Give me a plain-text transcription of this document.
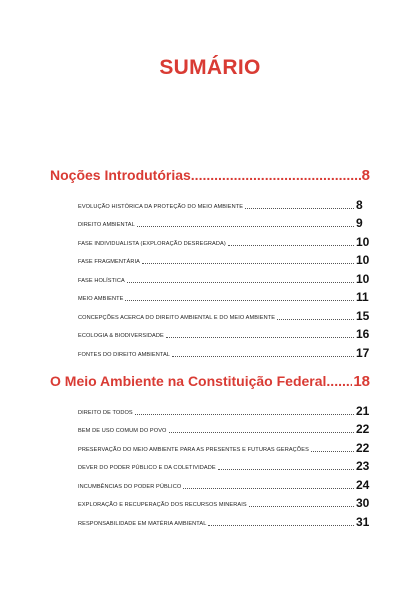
SUMÁRIO
Noções Introdutórias .....	8
EVOLUÇÃO HISTÓRICA DA PROTEÇÃO DO MEIO AMBIENTE	8
DIREITO AMBIENTAL	9
FASE INDIVIDUALISTA (EXPLORAÇÃO DESREGRADA)	10
FASE FRAGMENTÁRIA	10
FASE HOLÍSTICA	10
MEIO AMBIENTE	11
CONCEPÇÕES ACERCA DO DIREITO AMBIENTAL E DO MEIO AMBIENTE	15
ECOLOGIA & BIODIVERSIDADE	16
FONTES DO DIREITO AMBIENTAL	17
O Meio Ambiente na Constituição Federal ..... 18
DIREITO DE TODOS	21
BEM DE USO COMUM DO POVO	22
PRESERVAÇÃO DO MEIO AMBIENTE PARA AS PRESENTES E FUTURAS GERAÇÕES	22
DEVER DO PODER PÚBLICO E DA COLETIVIDADE	23
INCUMBÊNCIAS DO PODER PÚBLICO	24
EXPLORAÇÃO E RECUPERAÇÃO DOS RECURSOS MINERAIS	30
RESPONSABILIDADE EM MATÉRIA AMBIENTAL	31
